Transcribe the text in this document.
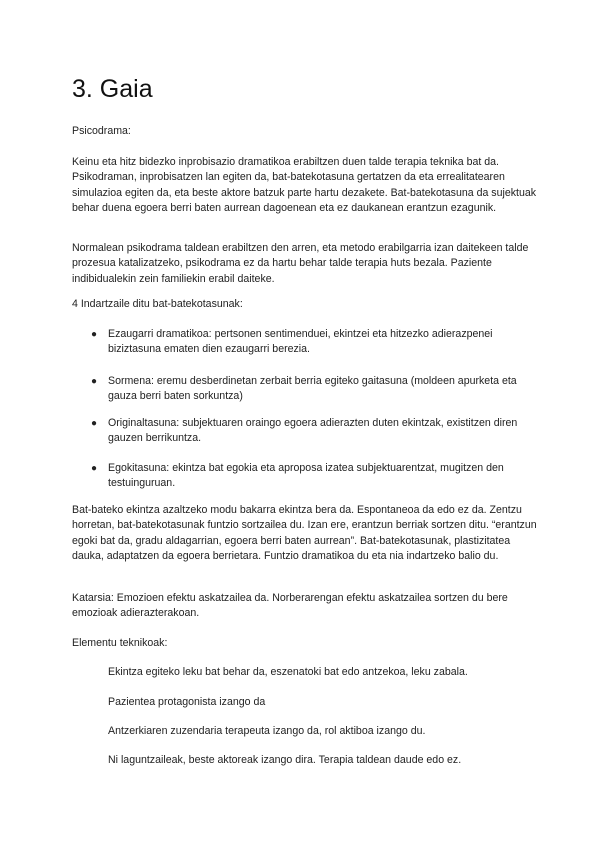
3. Gaia

Psicodrama:

Keinu eta hitz bidezko inprobisazio dramatikoa erabiltzen duen talde terapia teknika bat da. Psikodraman, inprobisatzen lan egiten da, bat-batekotasuna gertatzen da eta errealitatearen simulazioa egiten da, eta beste aktore batzuk parte hartu dezakete. Bat-batekotasuna da sujektuak behar duena egoera berri baten aurrean dagoenean eta ez daukanean erantzun ezagunik.

Normalean psikodrama taldean erabiltzen den arren, eta metodo erabilgarria izan daitekeen talde prozesua katalizatzeko, psikodrama ez da hartu behar talde terapia huts bezala. Paziente indibidualekin zein familiekin erabil daiteke.

4 Indartzaile ditu bat-batekotasunak:

●	Ezaugarri dramatikoa: pertsonen sentimenduei, ekintzei eta hitzezko adierazpenei biziztasuna ematen dien ezaugarri berezia.

●	Sormena: eremu desberdinetan zerbait berria egiteko gaitasuna (moldeen apurketa eta gauza berri baten sorkuntza)

●	Originaltasuna: subjektuaren oraingo egoera adierazten duten ekintzak, existitzen diren gauzen berrikuntza.

●	Egokitasuna: ekintza bat egokia eta aproposa izatea subjektuarentzat, mugitzen den testuinguruan.

Bat-bateko ekintza azaltzeko modu bakarra ekintza bera da. Espontaneoa da edo ez da. Zentzu horretan, bat-batekotasunak funtzio sortzailea du. Izan ere, erantzun berriak sortzen ditu. “erantzun egoki bat da, gradu aldagarrian, egoera berri baten aurrean”. Bat-batekotasunak, plastizitatea dauka, adaptatzen da egoera berrietara. Funtzio dramatikoa du eta nia indartzeko balio du.

Katarsia: Emozioen efektu askatzailea da. Norberarengan efektu askatzailea sortzen du bere emozioak adierazterakoan.

Elementu teknikoak:

Ekintza egiteko leku bat behar da, eszenatoki bat edo antzekoa, leku zabala.

Pazientea protagonista izango da

Antzerkiaren zuzendaria terapeuta izango da, rol aktiboa izango du.

Ni laguntzaileak, beste aktoreak izango dira. Terapia taldean daude edo ez.
